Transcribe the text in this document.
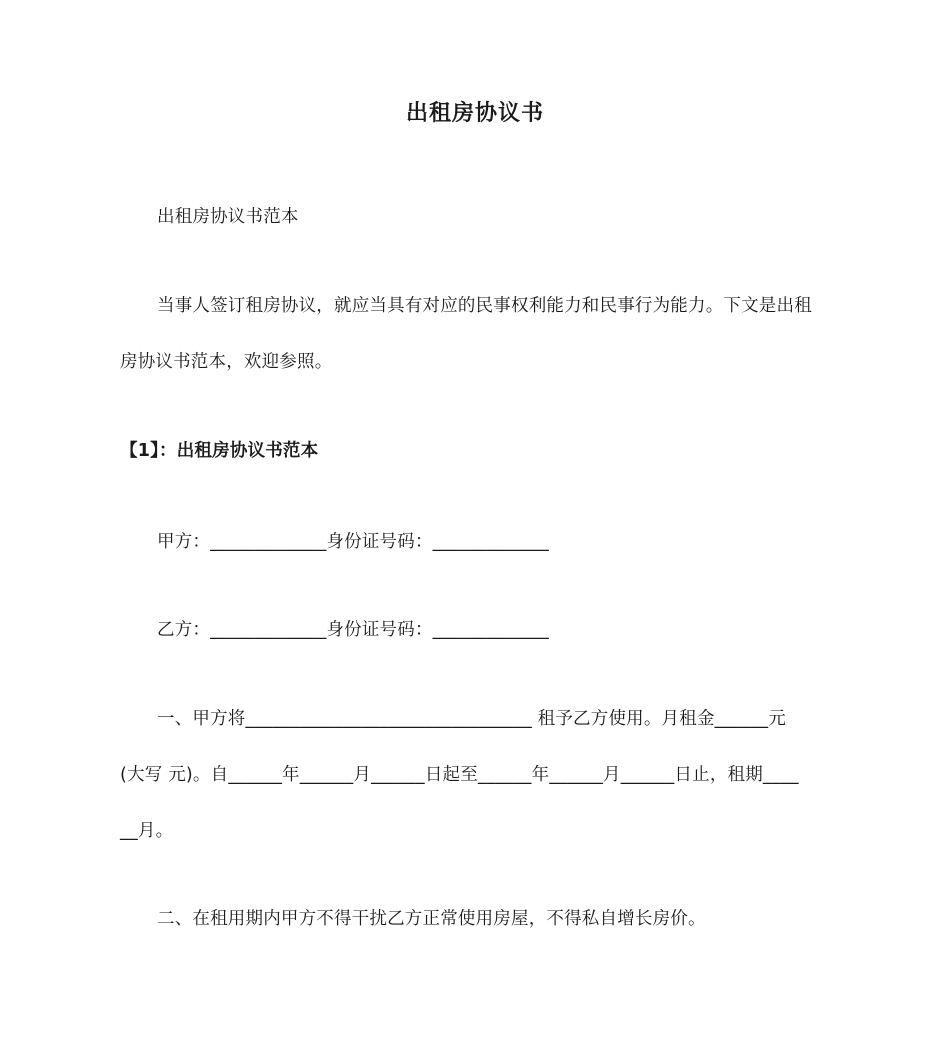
出租房协议书
出租房协议书范本
当事人签订租房协议，就应当具有对应的民事权利能力和民事行为能力。下文是出租
房协议书范本，欢迎参照。
【1】：出租房协议书范本
甲方：_____________身份证号码：_____________
乙方：_____________身份证号码：_____________
一、甲方将________________________________ 租予乙方使用。月租金______元
(大写 元)。自______年______月______日起至______年______月______日止，租期____
__月。
二、在租用期内甲方不得干扰乙方正常使用房屋，不得私自增长房价。
